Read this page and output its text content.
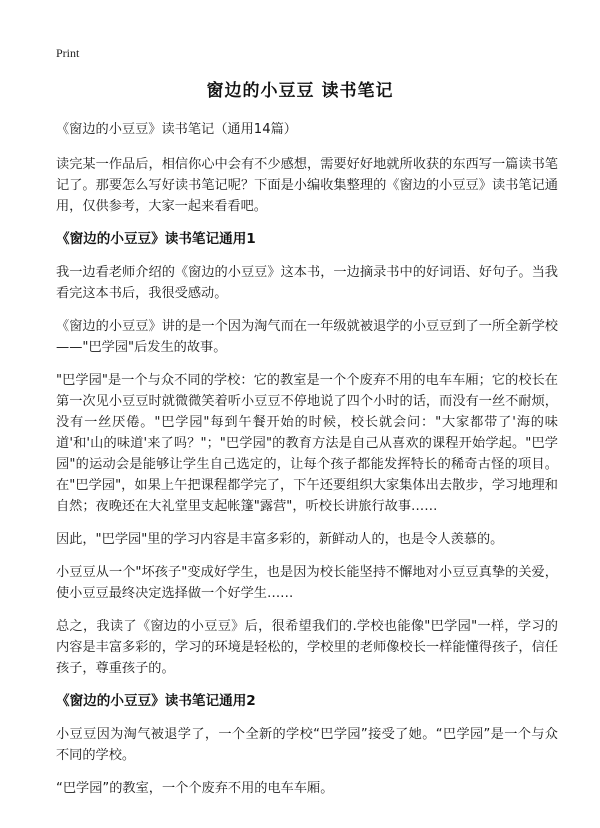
Print
窗边的小豆豆 读书笔记

《窗边的小豆豆》读书笔记（通用14篇）

读完某一作品后，相信你心中会有不少感想，需要好好地就所收获的东西写一篇读书笔记了。那要怎么写好读书笔记呢？下面是小编收集整理的《窗边的小豆豆》读书笔记通用，仅供参考，大家一起来看看吧。

《窗边的小豆豆》读书笔记通用1

我一边看老师介绍的《窗边的小豆豆》这本书，一边摘录书中的好词语、好句子。当我看完这本书后，我很受感动。

《窗边的小豆豆》讲的是一个因为淘气而在一年级就被退学的小豆豆到了一所全新学校——"巴学园"后发生的故事。

"巴学园"是一个与众不同的学校：它的教室是一个个废弃不用的电车车厢；它的校长在第一次见小豆豆时就微微笑着听小豆豆不停地说了四个小时的话，而没有一丝不耐烦，没有一丝厌倦。"巴学园"每到午餐开始的时候，校长就会问："大家都带了'海的味道'和'山的味道'来了吗？"；"巴学园"的教育方法是自己从喜欢的课程开始学起。"巴学园"的运动会是能够让学生自己选定的，让每个孩子都能发挥特长的稀奇古怪的项目。在"巴学园"，如果上午把课程都学完了，下午还要组织大家集体出去散步，学习地理和自然；夜晚还在大礼堂里支起帐篷"露营"，听校长讲旅行故事……

因此，"巴学园"里的学习内容是丰富多彩的，新鲜动人的，也是令人羡慕的。

小豆豆从一个"坏孩子"变成好学生，也是因为校长能坚持不懈地对小豆豆真挚的关爱，使小豆豆最终决定选择做一个好学生……

总之，我读了《窗边的小豆豆》后，很希望我们的.学校也能像"巴学园"一样，学习的内容是丰富多彩的，学习的环境是轻松的，学校里的老师像校长一样能懂得孩子，信任孩子，尊重孩子的。

《窗边的小豆豆》读书笔记通用2

小豆豆因为淘气被退学了，一个全新的学校“巴学园”接受了她。“巴学园”是一个与众不同的学校。

“巴学园”的教室，一个个废弃不用的电车车厢。
